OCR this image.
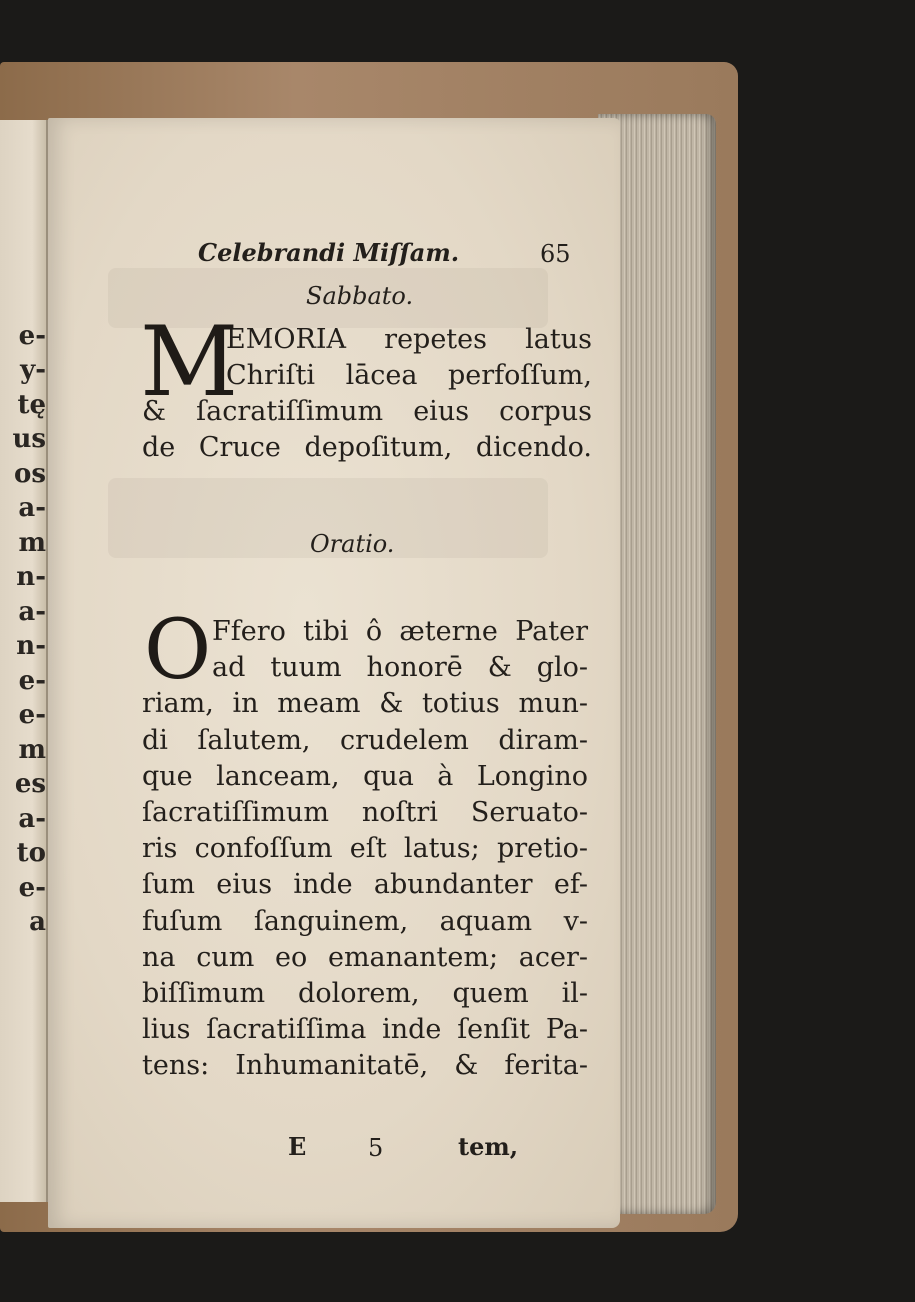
e-
y-
tę
us
os
a-
m
n-
a-
n-
e-
e-
m
es
a-
to
e-
a
Celebrandi Miſſam.	65
Sabbato.
M
EMORIA repetes latus
Chriſti lācea perfoſſum,
& ſacratiſſimum eius corpus
de Cruce depoſitum, dicendo.
Oratio.
O Ffero tibi ô æterne Pater
ad tuum honorē & glo-
riam, in meam & totius mun-
di ſalutem, crudelem diram-
que lanceam, qua à Longino
ſacratiſſimum noſtri Seruato-
ris confoſſum eſt latus; pretio-
ſum eius inde abundanter ef-
fuſum ſanguinem, aquam v-
na cum eo emanantem; acer-
biſſimum dolorem, quem il-
lius ſacratiſſima inde ſenſit Pa-
tens: Inhumanitatē, & ferita-
E	5	tem,
